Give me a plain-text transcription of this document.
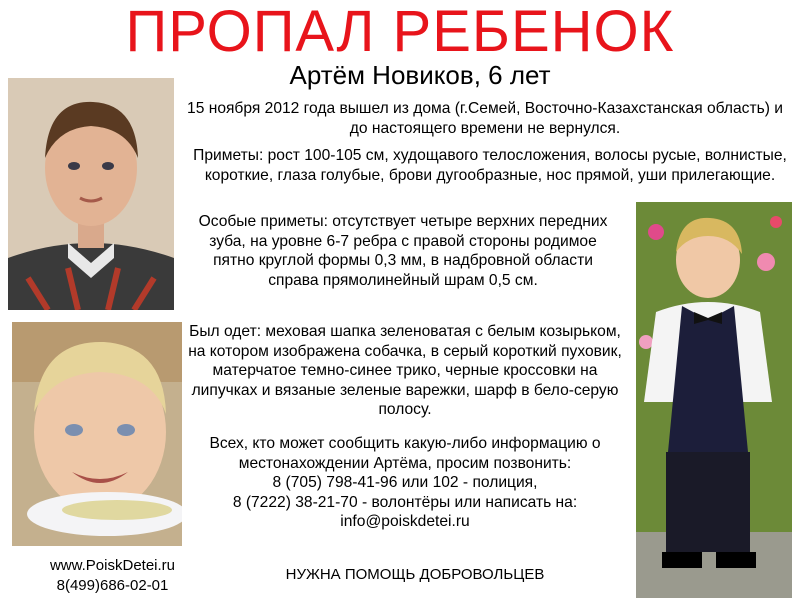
ПРОПАЛ РЕБЕНОК
Артём Новиков, 6 лет
15 ноября 2012 года вышел из дома (г.Семей, Восточно-Казахстанская область) и до настоящего времени не вернулся.
Приметы: рост 100-105 см, худощавого телосложения, волосы русые, волнистые, короткие, глаза голубые, брови дугообразные, нос прямой, уши прилегающие.
Особые приметы: отсутствует четыре верхних передних зуба, на уровне 6-7 ребра с правой стороны родимое пятно круглой формы 0,3 мм, в надбровной области справа прямолинейный шрам 0,5 см.
Был одет: меховая шапка зеленоватая с белым козырьком, на котором изображена собачка, в серый короткий пуховик, матерчатое темно-синее трико, черные кроссовки на липучках и вязаные зеленые варежки, шарф в бело-серую полосу.
Всех, кто может сообщить какую-либо информацию о местонахождении Артёма, просим позвонить:
8 (705) 798-41-96 или 102 - полиция,
8 (7222) 38-21-70 - волонтёры или написать на:
info@poiskdetei.ru
www.PoiskDetei.ru
8(499)686-02-01
НУЖНА ПОМОЩЬ ДОБРОВОЛЬЦЕВ
